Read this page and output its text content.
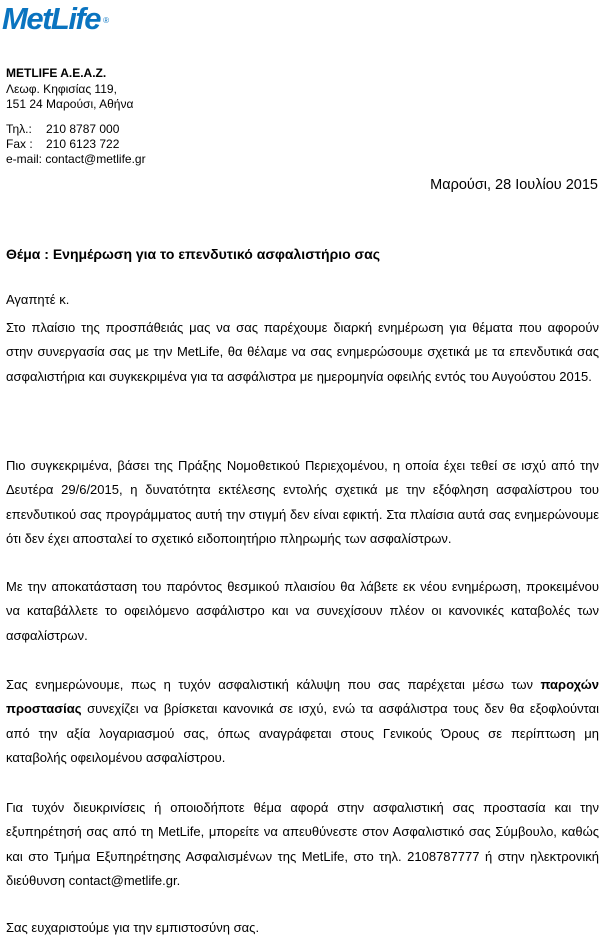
MetLife ®
METLIFE A.E.A.Z.
Λεωφ. Κηφισίας 119,
151 24 Μαρούσι, Αθήνα
Τηλ.: 210 8787 000
Fax : 210 6123 722
e-mail: contact@metlife.gr
Μαρούσι, 28 Ιουλίου 2015
Θέμα : Ενημέρωση για το επενδυτικό ασφαλιστήριο σας
Αγαπητέ κ.

Στο πλαίσιο της προσπάθειάς μας να σας παρέχουμε διαρκή ενημέρωση για θέματα που αφορούν στην συνεργασία σας με την MetLife, θα θέλαμε να σας ενημερώσουμε σχετικά με τα επενδυτικά σας ασφαλιστήρια και συγκεκριμένα για τα ασφάλιστρα με ημερομηνία οφειλής εντός του Αυγούστου 2015.

Πιο συγκεκριμένα, βάσει της Πράξης Νομοθετικού Περιεχομένου, η οποία έχει τεθεί σε ισχύ από την Δευτέρα 29/6/2015, η δυνατότητα εκτέλεσης εντολής σχετικά με την εξόφληση ασφαλίστρου του επενδυτικού σας προγράμματος αυτή την στιγμή δεν είναι εφικτή. Στα πλαίσια αυτά σας ενημερώνουμε ότι δεν έχει αποσταλεί το σχετικό ειδοποιητήριο πληρωμής των ασφαλίστρων.

Με την αποκατάσταση του παρόντος θεσμικού πλαισίου θα λάβετε εκ νέου ενημέρωση, προκειμένου να καταβάλλετε το οφειλόμενο ασφάλιστρο και να συνεχίσουν πλέον οι κανονικές καταβολές των ασφαλίστρων.

Σας ενημερώνουμε, πως η τυχόν ασφαλιστική κάλυψη που σας παρέχεται μέσω των παροχών προστασίας συνεχίζει να βρίσκεται κανονικά σε ισχύ, ενώ τα ασφάλιστρα τους δεν θα εξοφλούνται από την αξία λογαριασμού σας, όπως αναγράφεται στους Γενικούς Όρους σε περίπτωση μη καταβολής οφειλομένου ασφαλίστρου.

Για τυχόν διευκρινίσεις ή οποιοδήποτε θέμα αφορά στην ασφαλιστική σας προστασία και την εξυπηρέτησή σας από τη MetLife, μπορείτε να απευθύνεστε στον Ασφαλιστικό σας Σύμβουλο, καθώς και στο Τμήμα Εξυπηρέτησης Ασφαλισμένων της MetLife, στο τηλ. 2108787777 ή στην ηλεκτρονική διεύθυνση contact@metlife.gr.

Σας ευχαριστούμε για την εμπιστοσύνη σας.
